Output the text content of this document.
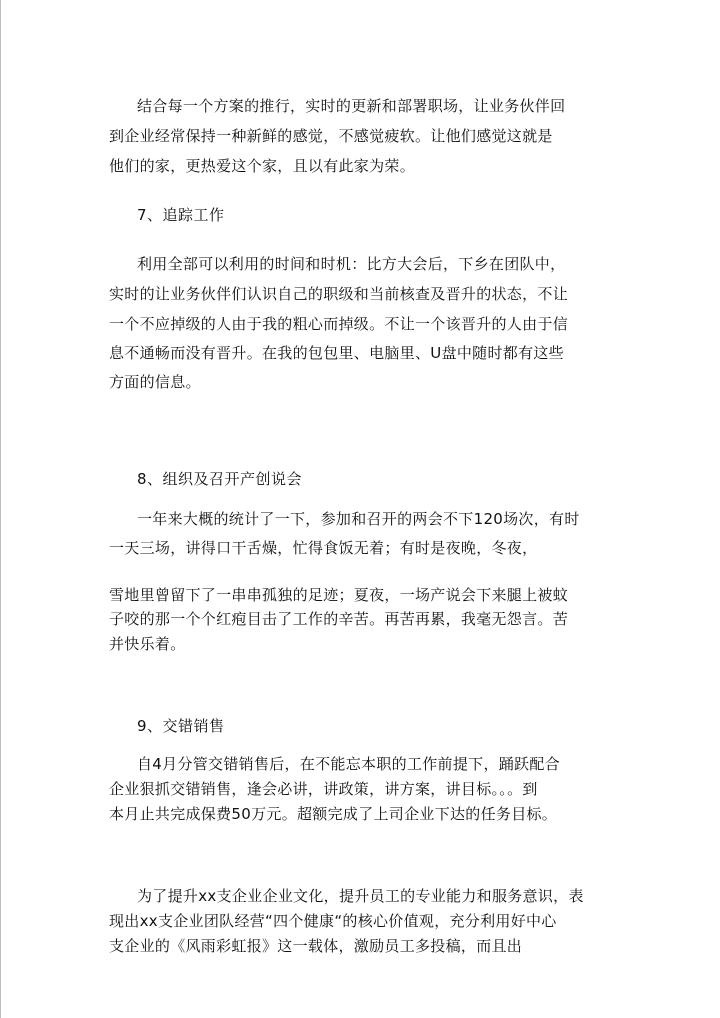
结合每一个方案的推行，实时的更新和部署职场，让业务伙伴回
到企业经常保持一种新鲜的感觉，不感觉疲软。让他们感觉这就是
他们的家，更热爱这个家，且以有此家为荣。
7、追踪工作
利用全部可以利用的时间和时机：比方大会后，下乡在团队中，
实时的让业务伙伴们认识自己的职级和当前核查及晋升的状态，不让
一个不应掉级的人由于我的粗心而掉级。不让一个该晋升的人由于信
息不通畅而没有晋升。在我的包包里、电脑里、U盘中随时都有这些
方面的信息。
8、组织及召开产创说会
一年来大概的统计了一下，参加和召开的两会不下120场次，有时
一天三场，讲得口干舌燥，忙得食饭无着；有时是夜晚，冬夜，
雪地里曾留下了一串串孤独的足迹；夏夜，一场产说会下来腿上被蚊
子咬的那一个个红疱目击了工作的辛苦。再苦再累，我毫无怨言。苦
并快乐着。
9、交错销售
自4月分管交错销售后，在不能忘本职的工作前提下，踊跃配合
企业狠抓交错销售，逢会必讲，讲政策，讲方案，讲目标。。。到
本月止共完成保费50万元。超额完成了上司企业下达的任务目标。
为了提升xx支企业企业文化，提升员工的专业能力和服务意识，表
现出xx支企业团队经营“四个健康“的核心价值观，充分利用好中心
支企业的《风雨彩虹报》这一载体，激励员工多投稿，而且出
